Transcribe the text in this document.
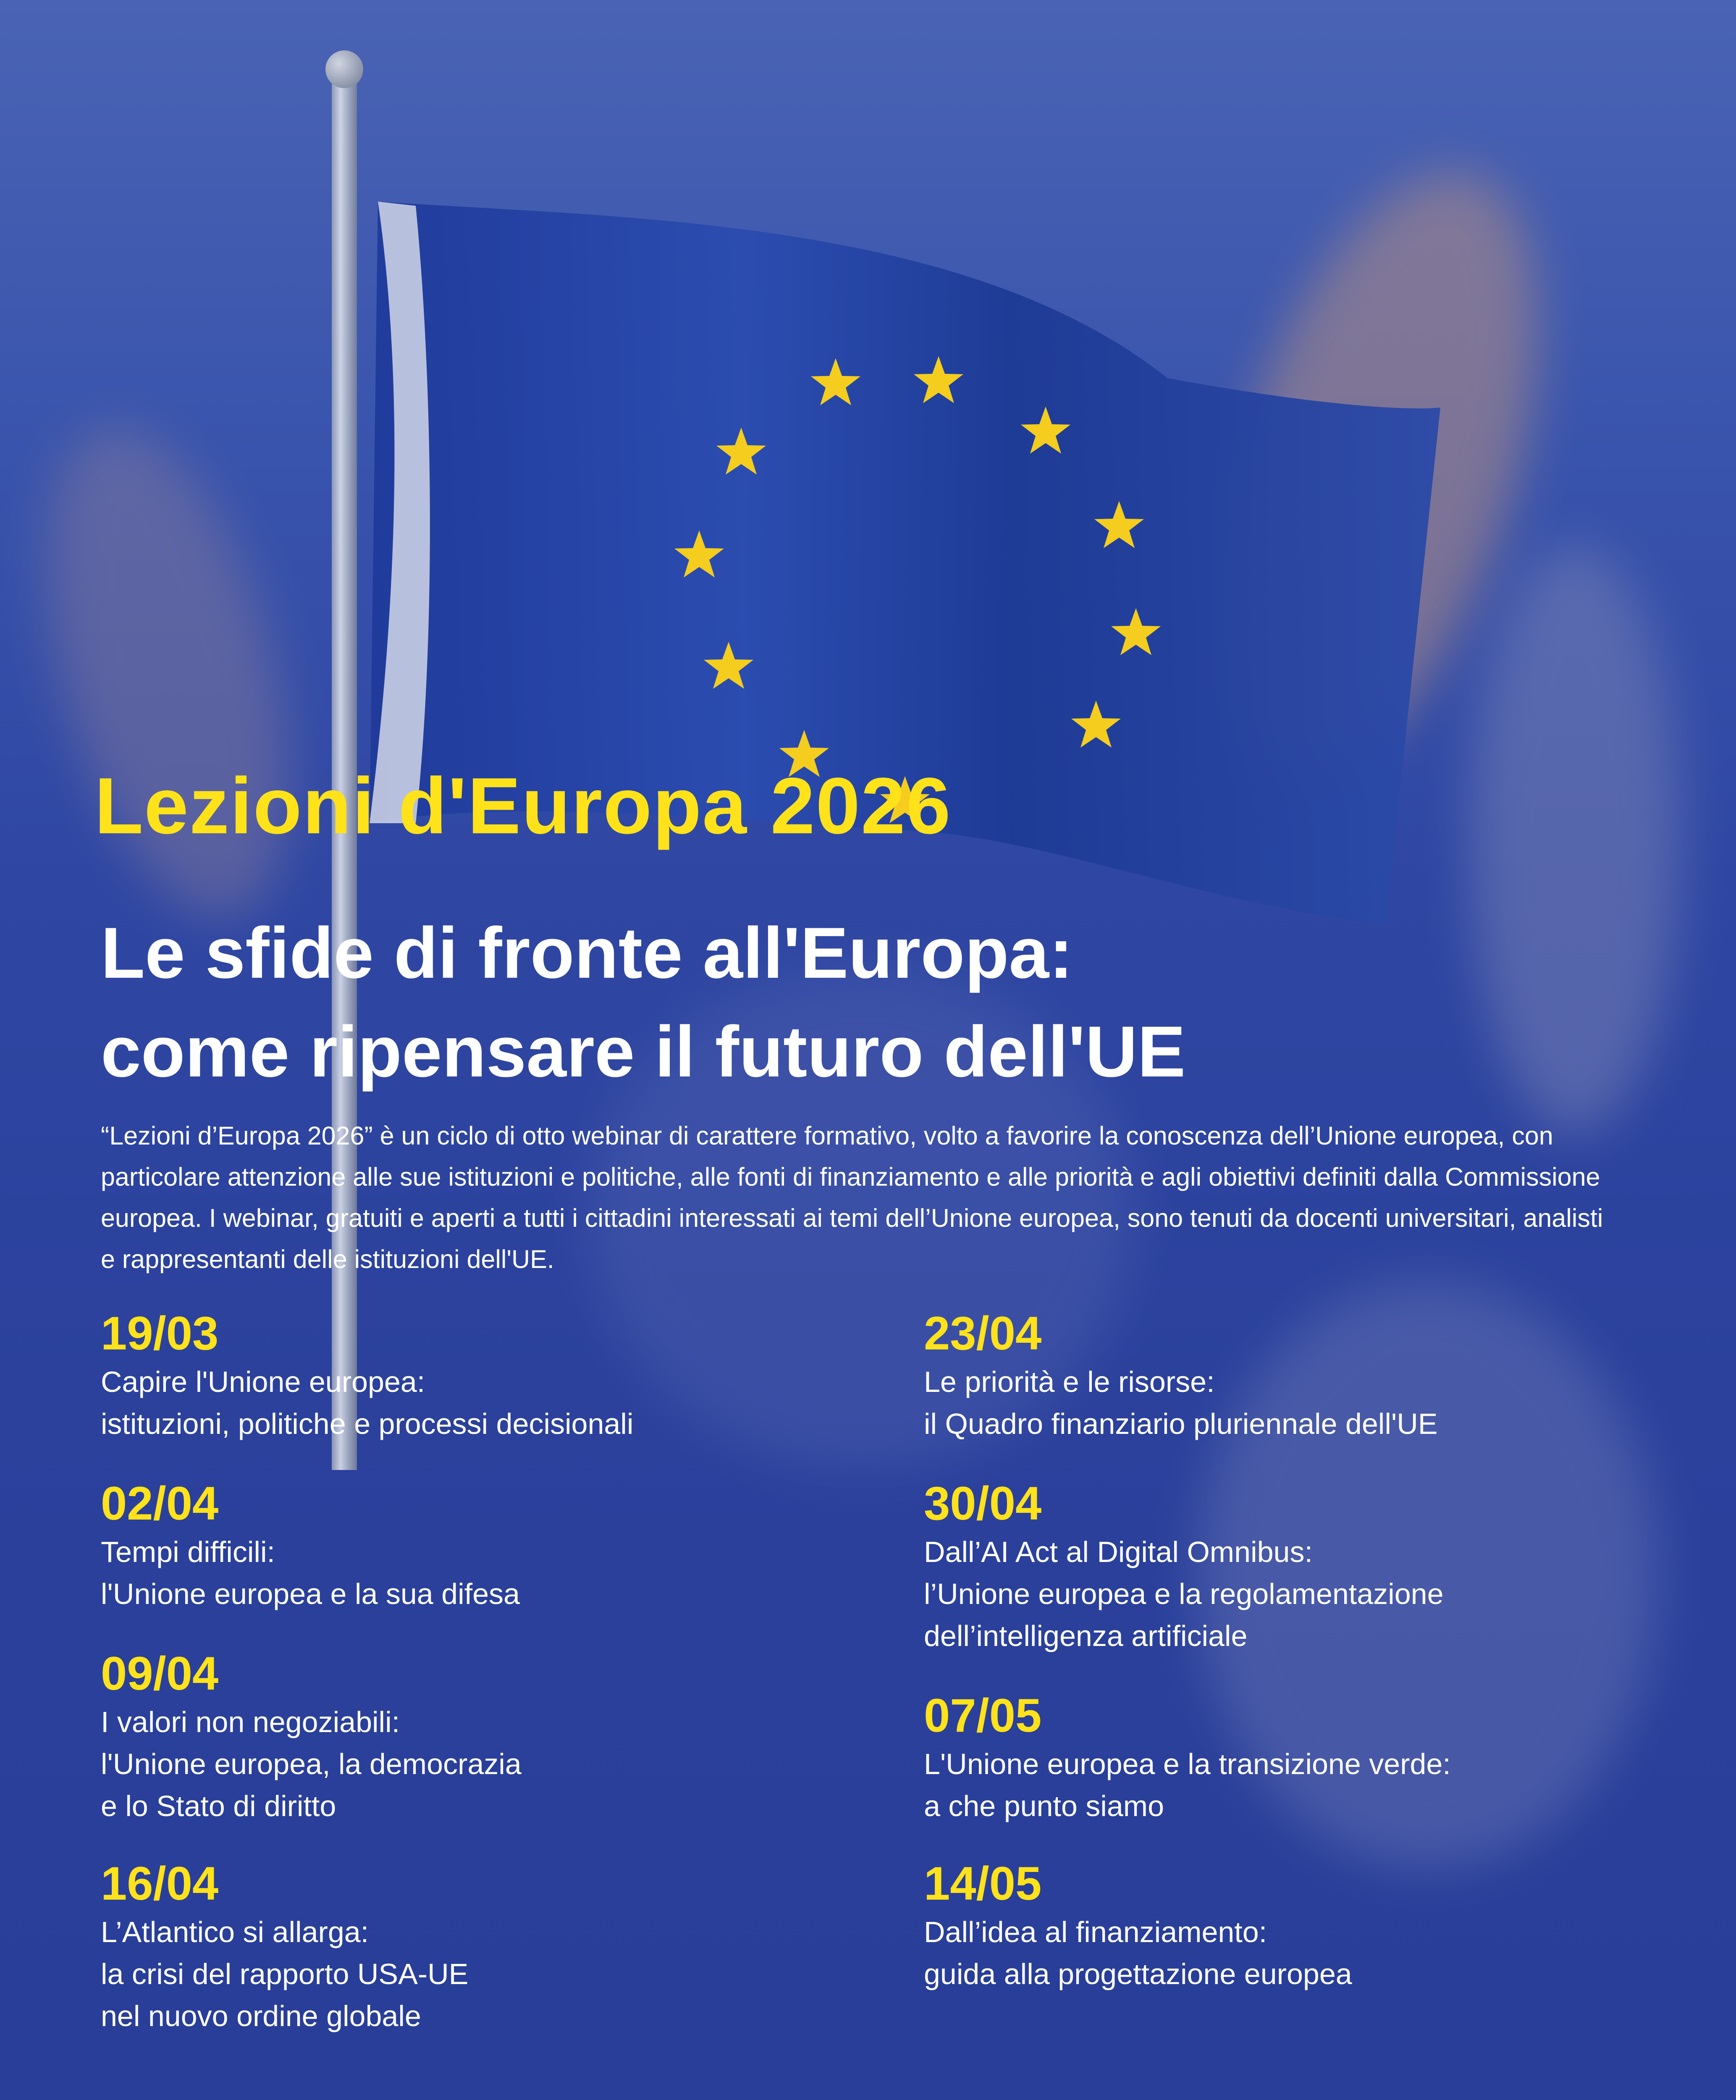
Lezioni d'Europa 2026
Le sfide di fronte all'Europa:
come ripensare il futuro dell'UE
“Lezioni d’Europa 2026” è un ciclo di otto webinar di carattere formativo, volto a favorire la conoscenza dell’Unione europea, con particolare attenzione alle sue istituzioni e politiche, alle fonti di finanziamento e alle priorità e agli obiettivi definiti dalla Commissione europea. I webinar, gratuiti e aperti a tutti i cittadini interessati ai temi dell’Unione europea, sono tenuti da docenti universitari, analisti e rappresentanti delle istituzioni dell'UE.
19/03
Capire l'Unione europea:
istituzioni, politiche e processi decisionali
02/04
Tempi difficili:
l'Unione europea e la sua difesa
09/04
I valori non negoziabili:
l'Unione europea, la democrazia
e lo Stato di diritto
16/04
L’Atlantico si allarga:
la crisi del rapporto USA-UE
nel nuovo ordine globale
23/04
Le priorità e le risorse:
il Quadro finanziario pluriennale dell'UE
30/04
Dall’AI Act al Digital Omnibus:
l’Unione europea e la regolamentazione
dell’intelligenza artificiale
07/05
L'Unione europea e la transizione verde:
a che punto siamo
14/05
Dall’idea al finanziamento:
guida alla progettazione europea
